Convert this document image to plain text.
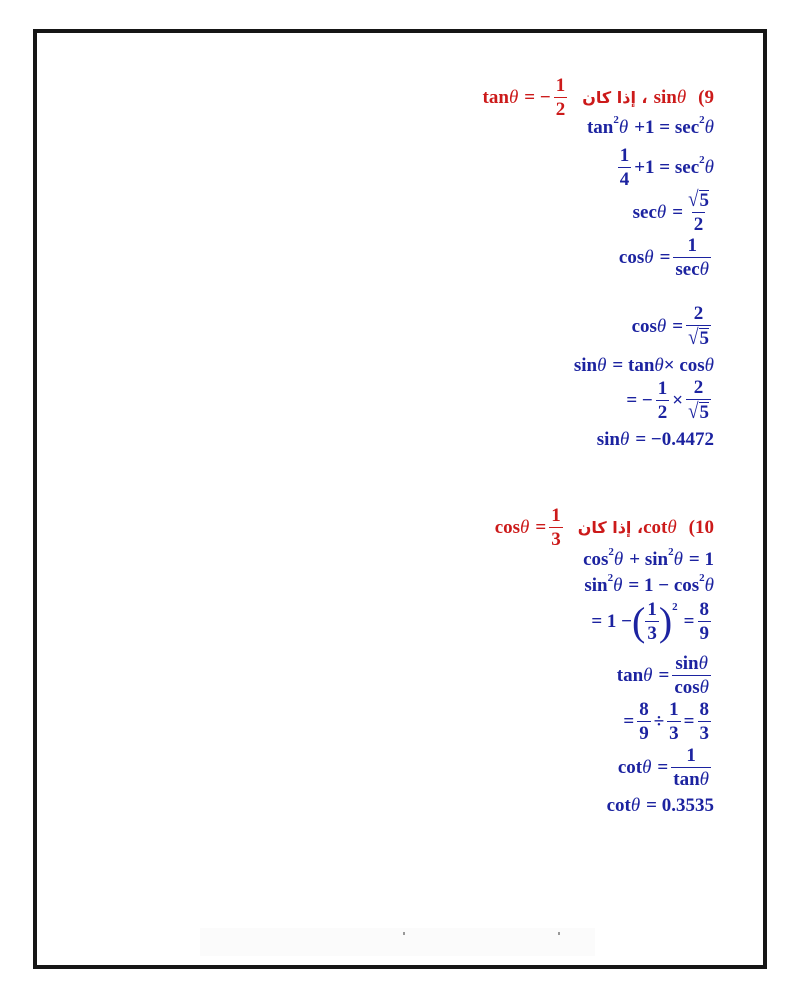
tan θ = − $\frac{1}{2}$ ، إذا كان sin θ (9
$\tan^2 \theta +1 = \sec^2 \theta$
$\frac{1}{4} +1 = \sec^2 \theta$
$\sec \theta = \frac{√ 5}{2}$
$\cos \theta = \frac{1}{\sec\theta}$
$\cos \theta = \frac{2}{√ 5}$
sin θ = tan θ × cos θ
= − $\frac{1}{2} \times \frac{2}{√ 5}$
sin θ = −0.4472
$\cos \theta = \frac{1}{3}$ ، إذا كان cot θ (10
$\cos^2 \theta + \sin^2 \theta = 1$
$\sin^2 \theta = 1 - \cos^2 \theta$
= 1 − ( $\frac{1}{3}$ ) 2
= $\frac{8}{9}$
$\tan \theta = \frac{\sin\theta}{\cos\theta}$
= $\frac{8}{9} \div \frac{1}{3} = \frac{8}{3}$
$\cot \theta = \frac{1}{\tan\theta}$
cot θ = 0.3535
